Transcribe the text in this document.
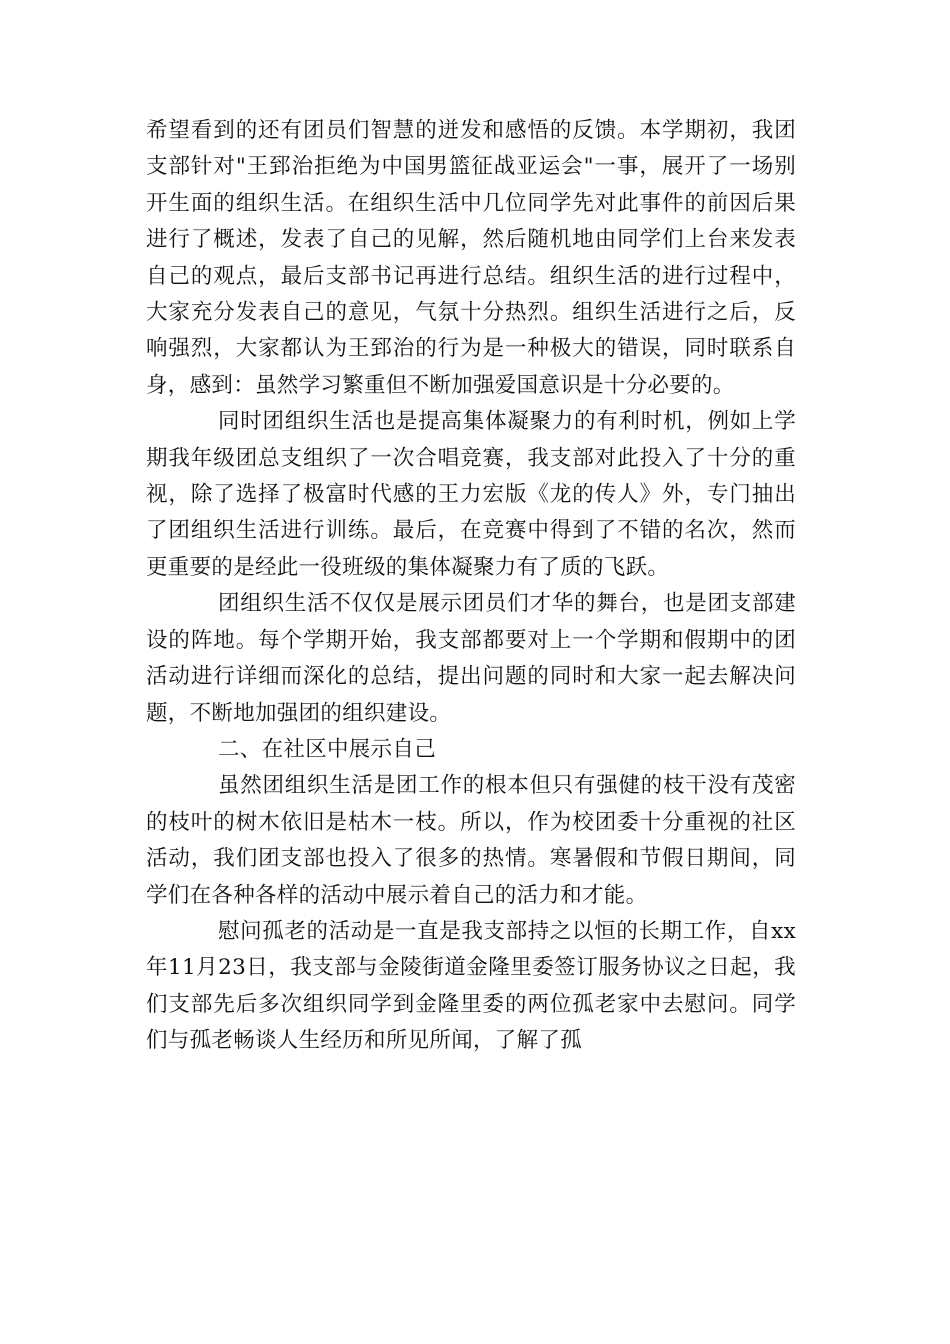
希望看到的还有团员们智慧的迸发和感悟的反馈。本学期初，我团支部针对"王郅治拒绝为中国男篮征战亚运会"一事，展开了一场别开生面的组织生活。在组织生活中几位同学先对此事件的前因后果进行了概述，发表了自己的见解，然后随机地由同学们上台来发表自己的观点，最后支部书记再进行总结。组织生活的进行过程中，大家充分发表自己的意见，气氛十分热烈。组织生活进行之后，反响强烈，大家都认为王郅治的行为是一种极大的错误，同时联系自身，感到：虽然学习繁重但不断加强爱国意识是十分必要的。

同时团组织生活也是提高集体凝聚力的有利时机，例如上学期我年级团总支组织了一次合唱竞赛，我支部对此投入了十分的重视，除了选择了极富时代感的王力宏版《龙的传人》外，专门抽出了团组织生活进行训练。最后，在竞赛中得到了不错的名次，然而更重要的是经此一役班级的集体凝聚力有了质的飞跃。

团组织生活不仅仅是展示团员们才华的舞台，也是团支部建设的阵地。每个学期开始，我支部都要对上一个学期和假期中的团活动进行详细而深化的总结，提出问题的同时和大家一起去解决问题，不断地加强团的组织建设。

二、在社区中展示自己

虽然团组织生活是团工作的根本但只有强健的枝干没有茂密的枝叶的树木依旧是枯木一枝。所以，作为校团委十分重视的社区活动，我们团支部也投入了很多的热情。寒暑假和节假日期间，同学们在各种各样的活动中展示着自己的活力和才能。

慰问孤老的活动是一直是我支部持之以恒的长期工作，自xx年11月23日，我支部与金陵街道金隆里委签订服务协议之日起，我们支部先后多次组织同学到金隆里委的两位孤老家中去慰问。同学们与孤老畅谈人生经历和所见所闻，了解了孤
